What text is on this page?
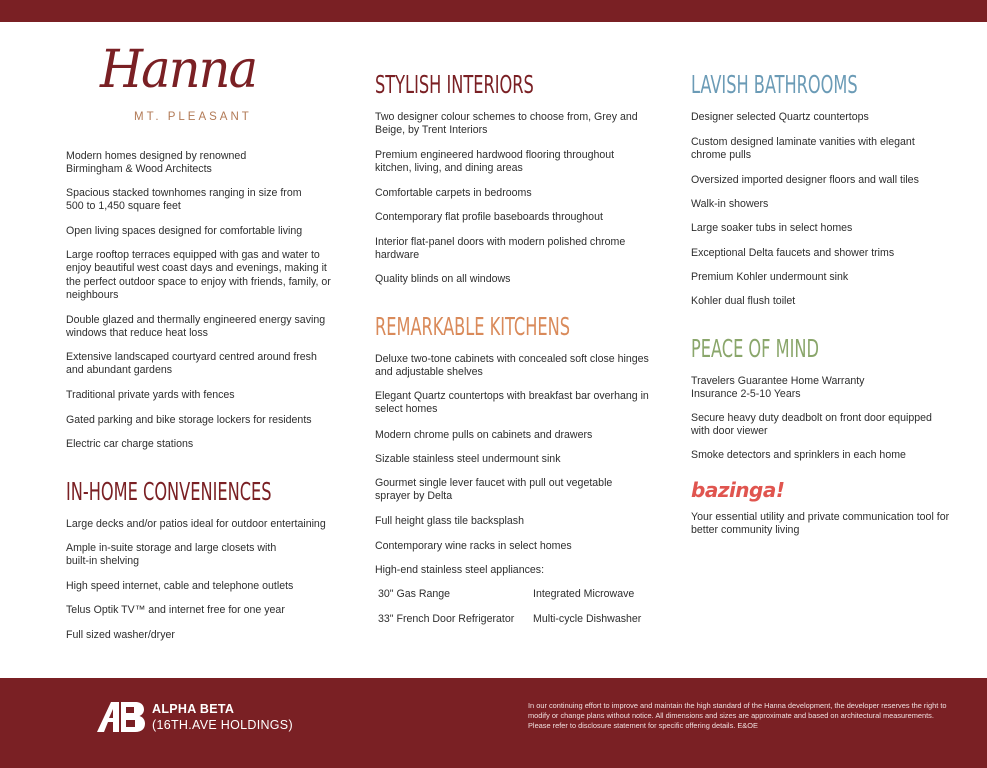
Hanna
MT. PLEASANT
Modern homes designed by renowned Birmingham & Wood Architects
Spacious stacked townhomes ranging in size from 500 to 1,450 square feet
Open living spaces designed for comfortable living
Large rooftop terraces equipped with gas and water to enjoy beautiful west coast days and evenings, making it the perfect outdoor space to enjoy with friends, family, or neighbours
Double glazed and thermally engineered energy saving windows that reduce heat loss
Extensive landscaped courtyard centred around fresh and abundant gardens
Traditional private yards with fences
Gated parking and bike storage lockers for residents
Electric car charge stations
IN-HOME CONVENIENCES
Large decks and/or patios ideal for outdoor entertaining
Ample in-suite storage and large closets with built-in shelving
High speed internet, cable and telephone outlets
Telus Optik TV™ and internet free for one year
Full sized washer/dryer
STYLISH INTERIORS
Two designer colour schemes to choose from, Grey and Beige, by Trent Interiors
Premium engineered hardwood flooring throughout kitchen, living, and dining areas
Comfortable carpets in bedrooms
Contemporary flat profile baseboards throughout
Interior flat-panel doors with modern polished chrome hardware
Quality blinds on all windows
REMARKABLE KITCHENS
Deluxe two-tone cabinets with concealed soft close hinges and adjustable shelves
Elegant Quartz countertops with breakfast bar overhang in select homes
Modern chrome pulls on cabinets and drawers
Sizable stainless steel undermount sink
Gourmet single lever faucet with pull out vegetable sprayer by Delta
Full height glass tile backsplash
Contemporary wine racks in select homes
High-end stainless steel appliances:
30" Gas Range	Integrated Microwave
33" French Door Refrigerator Multi-cycle Dishwasher
LAVISH BATHROOMS
Designer selected Quartz countertops
Custom designed laminate vanities with elegant chrome pulls
Oversized imported designer floors and wall tiles
Walk-in showers
Large soaker tubs in select homes
Exceptional Delta faucets and shower trims
Premium Kohler undermount sink
Kohler dual flush toilet
PEACE OF MIND
Travelers Guarantee Home Warranty Insurance 2-5-10 Years
Secure heavy duty deadbolt on front door equipped with door viewer
Smoke detectors and sprinklers in each home
bazinga!
Your essential utility and private communication tool for better community living
ALPHA BETA
(16TH.AVE HOLDINGS)
In our continuing effort to improve and maintain the high standard of the Hanna development, the developer reserves the right to modify or change plans without notice. All dimensions and sizes are approximate and based on architectural measurements. Please refer to disclosure statement for specific offering details. E&OE
